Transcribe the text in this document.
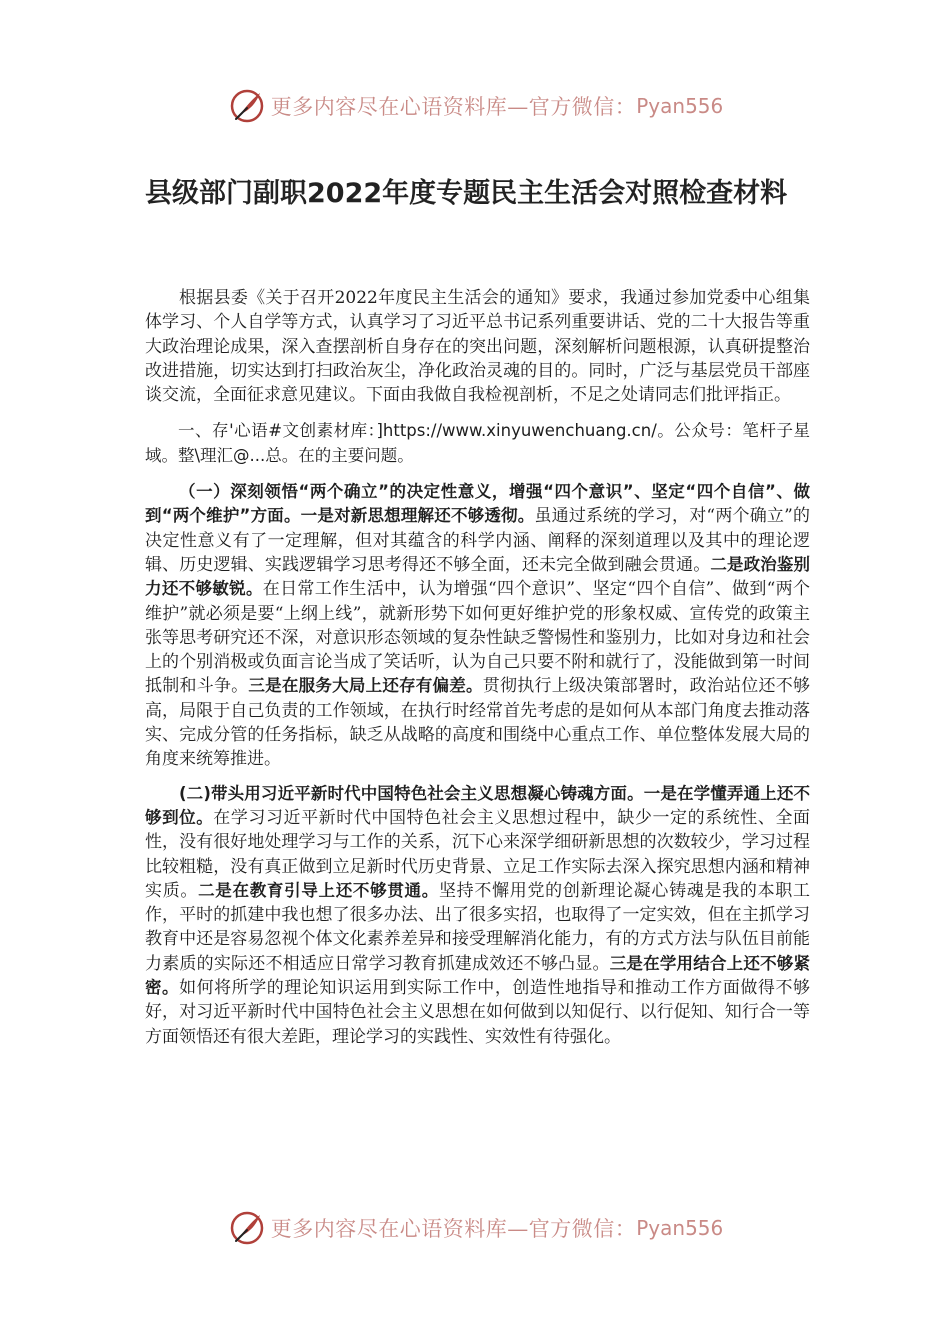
更多内容尽在心语资料库—官方微信： Pyan556
县级部门副职2022年度专题民主生活会对照检查材料

根据县委《关于召开2022年度民主生活会的通知》要求，我通过参加党委中心组集体学习、个人自学等方式，认真学习了习近平总书记系列重要讲话、党的二十大报告等重大政治理论成果，深入查摆剖析自身存在的突出问题，深刻解析问题根源，认真研提整治改进措施，切实达到打扫政治灰尘，净化政治灵魂的目的。同时，广泛与基层党员干部座谈交流，全面征求意见建议。下面由我做自我检视剖析，不足之处请同志们批评指正。

一、存'心语#文创素材库：]https://www.xinyuwenchuang.cn/。公众号：笔杆子星域。整\理汇@...总。在的主要问题。

（一）深刻领悟“两个确立”的决定性意义，增强“四个意识”、坚定“四个自信”、做到“两个维护”方面。一是对新思想理解还不够透彻。虽通过系统的学习，对“两个确立”的决定性意义有了一定理解，但对其蕴含的科学内涵、阐释的深刻道理以及其中的理论逻辑、历史逻辑、实践逻辑学习思考得还不够全面，还未完全做到融会贯通。二是政治鉴别力还不够敏锐。在日常工作生活中，认为增强“四个意识”、坚定“四个自信”、做到“两个维护”就必须是要“上纲上线”，就新形势下如何更好维护党的形象权威、宣传党的政策主张等思考研究还不深，对意识形态领域的复杂性缺乏警惕性和鉴别力，比如对身边和社会上的个别消极或负面言论当成了笑话听，认为自己只要不附和就行了，没能做到第一时间抵制和斗争。三是在服务大局上还存有偏差。贯彻执行上级决策部署时，政治站位还不够高，局限于自己负责的工作领域，在执行时经常首先考虑的是如何从本部门角度去推动落实、完成分管的任务指标，缺乏从战略的高度和围绕中心重点工作、单位整体发展大局的角度来统筹推进。

(二)带头用习近平新时代中国特色社会主义思想凝心铸魂方面。一是在学懂弄通上还不够到位。在学习习近平新时代中国特色社会主义思想过程中，缺少一定的系统性、全面性，没有很好地处理学习与工作的关系，沉下心来深学细研新思想的次数较少，学习过程比较粗糙，没有真正做到立足新时代历史背景、立足工作实际去深入探究思想内涵和精神实质。二是在教育引导上还不够贯通。坚持不懈用党的创新理论凝心铸魂是我的本职工作，平时的抓建中我也想了很多办法、出了很多实招，也取得了一定实效，但在主抓学习教育中还是容易忽视个体文化素养差异和接受理解消化能力，有的方式方法与队伍目前能力素质的实际还不相适应日常学习教育抓建成效还不够凸显。三是在学用结合上还不够紧密。如何将所学的理论知识运用到实际工作中，创造性地指导和推动工作方面做得不够好，对习近平新时代中国特色社会主义思想在如何做到以知促行、以行促知、知行合一等方面领悟还有很大差距，理论学习的实践性、实效性有待强化。

更多内容尽在心语资料库—官方微信： Pyan556
